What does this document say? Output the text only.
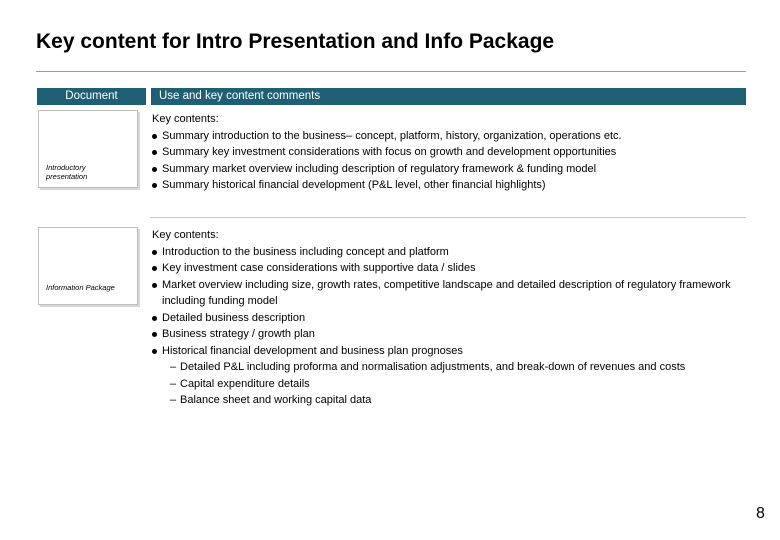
Key content for Intro Presentation and Info Package
Document	Use and key content comments
Introductory presentation

Key contents:

Summary introduction to the business– concept, platform, history, organization, operations etc.
Summary key investment considerations with focus on growth and development opportunities
Summary market overview including description of regulatory framework & funding model
Summary historical financial development (P&L level, other financial highlights)
Information Package

Key contents:

Introduction to the business including concept and platform
Key investment case considerations with supportive data / slides
Market overview including size, growth rates, competitive landscape and detailed description of regulatory framework including funding model
Detailed business description
Business strategy / growth plan
Historical financial development and business plan prognoses
– Detailed P&L including proforma and normalisation adjustments, and break-down of revenues and costs
– Capital expenditure details
– Balance sheet and working capital data
8
